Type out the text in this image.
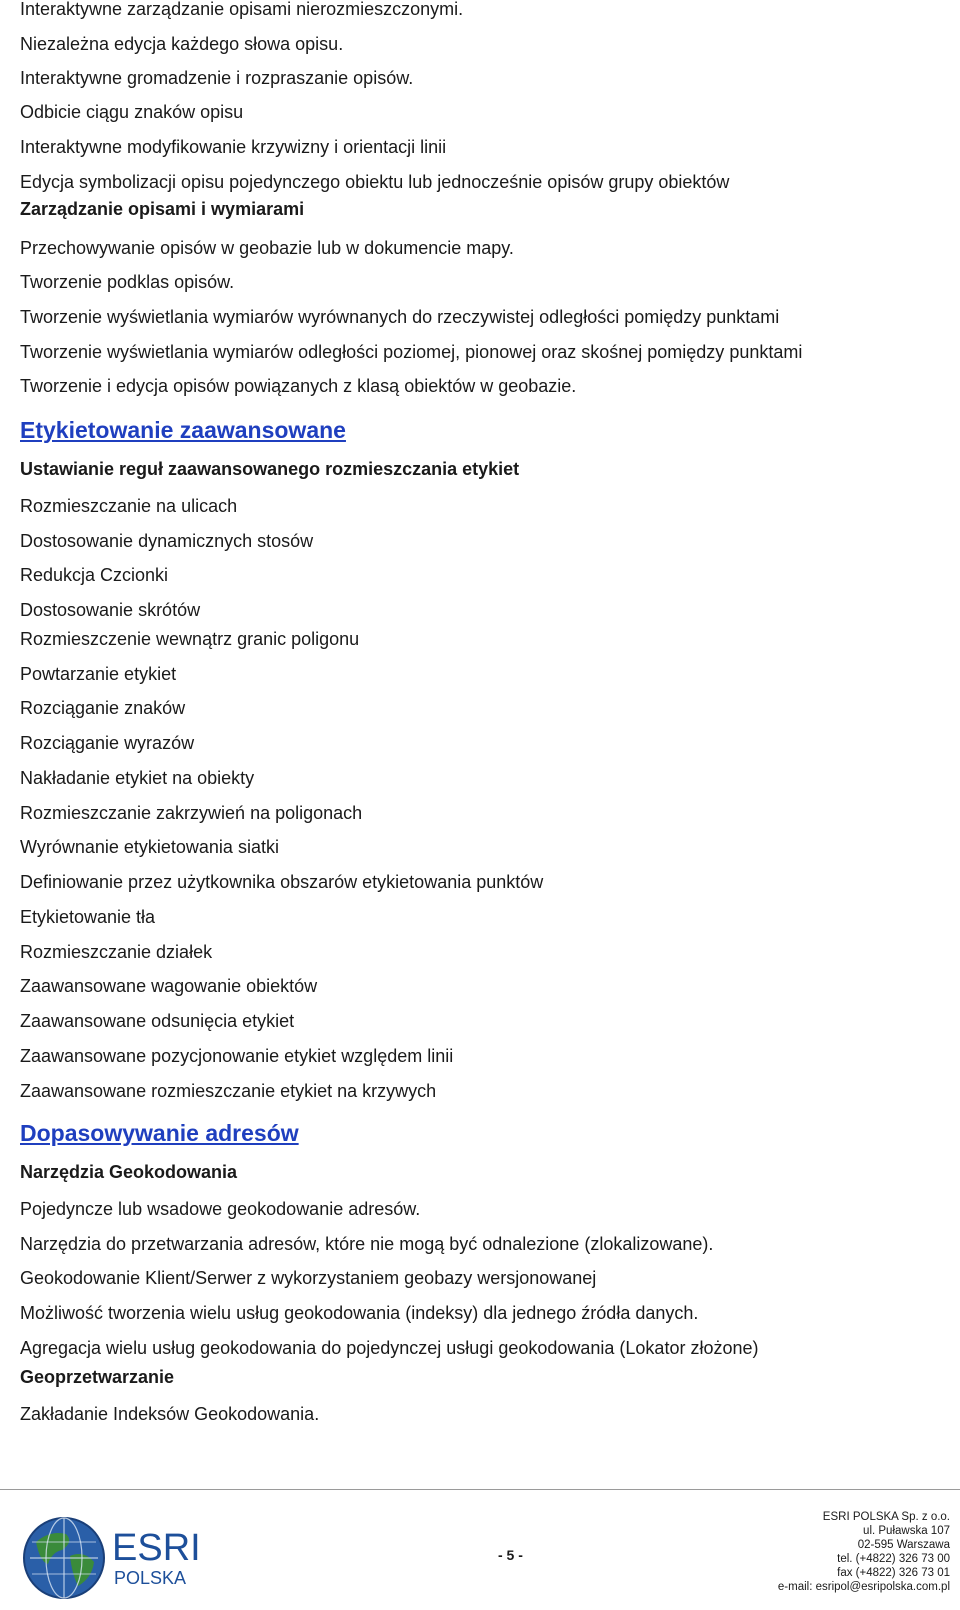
Interaktywne zarządzanie opisami nierozmieszczonymi.
Niezależna edycja każdego słowa opisu.
Interaktywne gromadzenie i rozpraszanie opisów.
Odbicie ciągu znaków opisu
Interaktywne modyfikowanie krzywizny i orientacji linii
Edycja symbolizacji opisu pojedynczego obiektu lub jednocześnie opisów grupy obiektów
Zarządzanie opisami i wymiarami
Przechowywanie opisów w geobazie lub w dokumencie mapy.
Tworzenie podklas opisów.
Tworzenie wyświetlania wymiarów wyrównanych do rzeczywistej odległości pomiędzy punktami
Tworzenie wyświetlania wymiarów odległości poziomej, pionowej oraz skośnej pomiędzy punktami
Tworzenie i edycja opisów powiązanych z klasą obiektów w geobazie.
Etykietowanie zaawansowane
Ustawianie reguł zaawansowanego rozmieszczania etykiet
Rozmieszczanie na ulicach
Dostosowanie dynamicznych stosów
Redukcja Czcionki
Dostosowanie skrótów
Rozmieszczenie wewnątrz granic poligonu
Powtarzanie etykiet
Rozciąganie znaków
Rozciąganie wyrazów
Nakładanie etykiet na obiekty
Rozmieszczanie zakrzywień na poligonach
Wyrównanie etykietowania siatki
Definiowanie przez użytkownika obszarów etykietowania punktów
Etykietowanie tła
Rozmieszczanie działek
Zaawansowane wagowanie obiektów
Zaawansowane odsunięcia etykiet
Zaawansowane pozycjonowanie etykiet względem linii
Zaawansowane rozmieszczanie etykiet na krzywych
Dopasowywanie adresów
Narzędzia Geokodowania
Pojedyncze lub wsadowe geokodowanie adresów.
Narzędzia do przetwarzania adresów, które nie mogą być odnalezione (zlokalizowane).
Geokodowanie Klient/Serwer z wykorzystaniem geobazy wersjonowanej
Możliwość tworzenia wielu usług geokodowania (indeksy) dla jednego źródła danych.
Agregacja wielu usług geokodowania do pojedynczej usługi geokodowania (Lokator złożone)
Geoprzetwarzanie
Zakładanie Indeksów Geokodowania.
ESRI
POLSKA
- 5 -
ESRI POLSKA Sp. z o.o.
ul. Puławska 107
02-595 Warszawa
tel. (+4822) 326 73 00
fax (+4822) 326 73 01
e-mail: esripol@esripolska.com.pl
